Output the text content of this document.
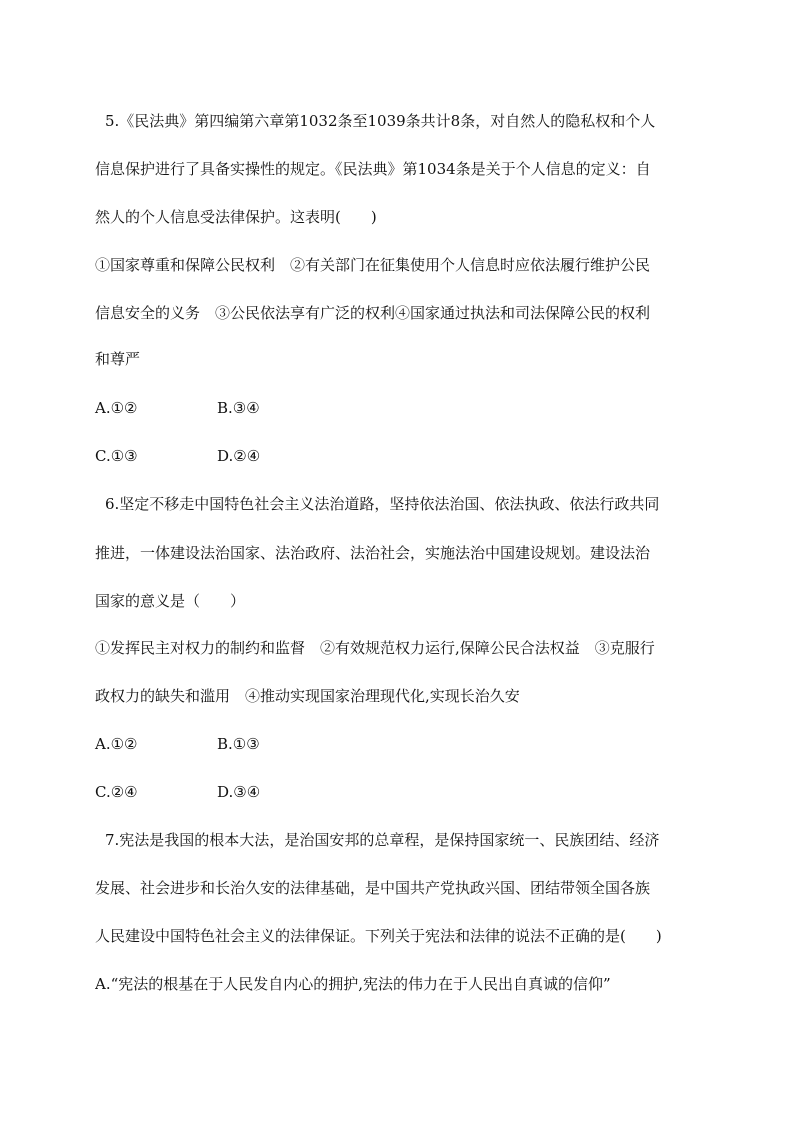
5.《民法典》第四编第六章第1032条至1039条共计8条，对自然人的隐私权和个人
信息保护进行了具备实操性的规定。《民法典》第1034条是关于个人信息的定义：自
然人的个人信息受法律保护。这表明(　　)
①国家尊重和保障公民权利　②有关部门在征集使用个人信息时应依法履行维护公民
信息安全的义务　③公民依法享有广泛的权利④国家通过执法和司法保障公民的权利
和尊严
A.①②	B.③④
C.①③	D.②④
6.坚定不移走中国特色社会主义法治道路，坚持依法治国、依法执政、依法行政共同
推进，一体建设法治国家、法治政府、法治社会，实施法治中国建设规划。建设法治
国家的意义是（　　）
①发挥民主对权力的制约和监督　②有效规范权力运行,保障公民合法权益　③克服行
政权力的缺失和滥用　④推动实现国家治理现代化,实现长治久安
A.①②	B.①③
C.②④	D.③④
7.宪法是我国的根本大法，是治国安邦的总章程，是保持国家统一、民族团结、经济
发展、社会进步和长治久安的法律基础，是中国共产党执政兴国、团结带领全国各族
人民建设中国特色社会主义的法律保证。下列关于宪法和法律的说法不正确的是(　　)
A.“宪法的根基在于人民发自内心的拥护,宪法的伟力在于人民出自真诚的信仰”
